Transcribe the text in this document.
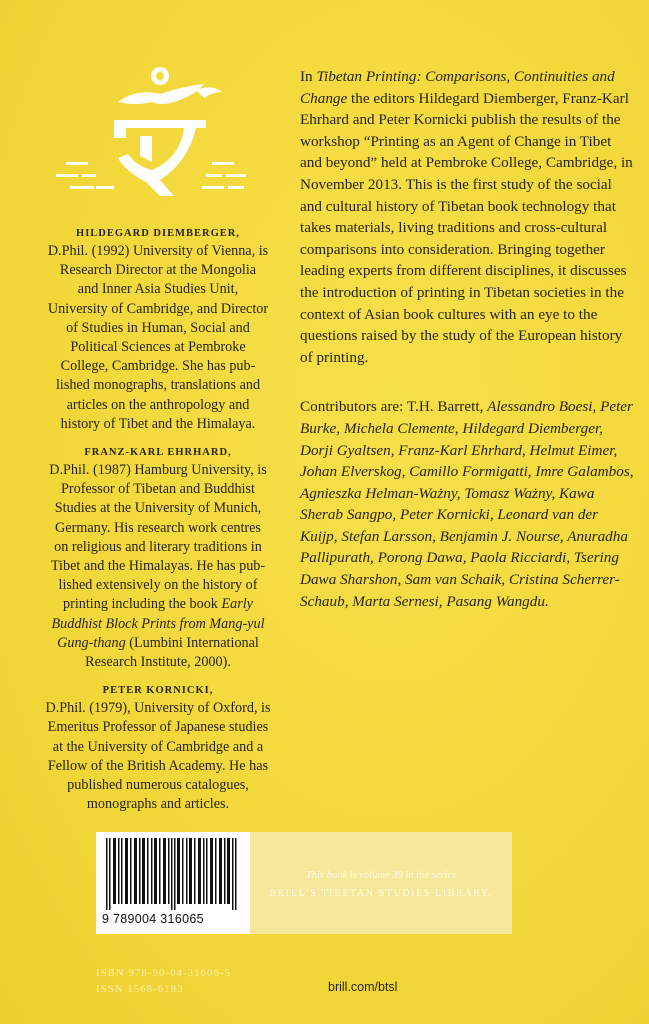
HILDEGARD DIEMBERGER,
D.Phil. (1992) University of Vienna, is
Research Director at the Mongolia
and Inner Asia Studies Unit,
University of Cambridge, and Director
of Studies in Human, Social and
Political Sciences at Pembroke
College, Cambridge. She has pub-
lished monographs, translations and
articles on the anthropology and
history of Tibet and the Himalaya.
FRANZ-KARL EHRHARD,
D.Phil. (1987) Hamburg University, is
Professor of Tibetan and Buddhist
Studies at the University of Munich,
Germany. His research work centres
on religious and literary traditions in
Tibet and the Himalayas. He has pub-
lished extensively on the history of
printing including the book Early
Buddhist Block Prints from Mang-yul
Gung-thang (Lumbini International
Research Institute, 2000).
PETER KORNICKI,
D.Phil. (1979), University of Oxford, is
Emeritus Professor of Japanese studies
at the University of Cambridge and a
Fellow of the British Academy. He has
published numerous catalogues,
monographs and articles.

In Tibetan Printing: Comparisons, Continuities and Change the editors Hildegard Diemberger, Franz-Karl Ehrhard and Peter Kornicki publish the results of the workshop “Printing as an Agent of Change in Tibet and beyond” held at Pembroke College, Cambridge, in November 2013. This is the first study of the social and cultural history of Tibetan book technology that takes materials, living traditions and cross-cultural comparisons into consideration. Bringing together leading experts from different disciplines, it discusses the introduction of printing in Tibetan societies in the context of Asian book cultures with an eye to the questions raised by the study of the European history of printing.

Contributors are: T.H. Barrett, Alessandro Boesi, Peter Burke, Michela Clemente, Hildegard Diemberger, Dorji Gyaltsen, Franz-Karl Ehrhard, Helmut Eimer, Johan Elverskog, Camillo Formigatti, Imre Galambos, Agnieszka Helman-Ważny, Tomasz Ważny, Kawa Sherab Sangpo, Peter Kornicki, Leonard van der Kuijp, Stefan Larsson, Benjamin J. Nourse, Anuradha Pallipurath, Porong Dawa, Paola Ricciardi, Tsering Dawa Sharshon, Sam van Schaik, Cristina Scherrer-Schaub, Marta Sernesi, Pasang Wangdu.

9 789004 316065
This book is volume 39 in the series
BRILL’S TIBETAN STUDIES LIBRARY.
ISBN 978-90-04-31606-5
ISSN 1568-6183	brill.com/btsl
